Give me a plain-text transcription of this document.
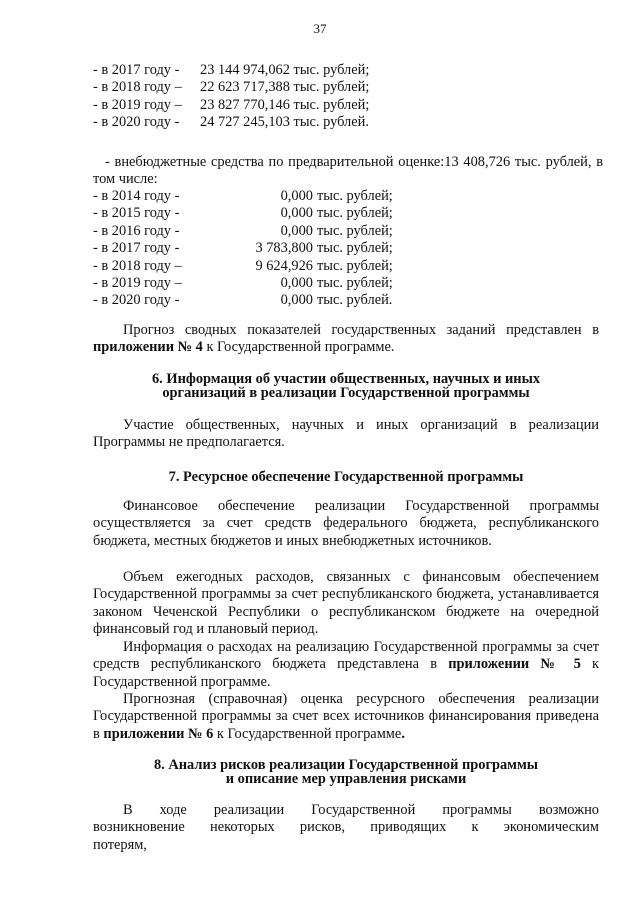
37
- в 2017 году - 23 144 974,062 тыс. рублей;
- в 2018 году – 22 623 717,388 тыс. рублей;
- в 2019 году – 23 827 770,146 тыс. рублей;
- в 2020 году - 24 727 245,103 тыс. рублей.
- внебюджетные средства по предварительной оценке:13 408,726 тыс. рублей, в том числе:
- в 2014 году -	0,000 тыс. рублей;
- в 2015 году -	0,000 тыс. рублей;
- в 2016 году -	0,000 тыс. рублей;
- в 2017 году -	3 783,800 тыс. рублей;
- в 2018 году –	9 624,926 тыс. рублей;
- в 2019 году –	0,000 тыс. рублей;
- в 2020 году -	0,000 тыс. рублей.
Прогноз сводных показателей государственных заданий представлен в приложении № 4 к Государственной программе.
6. Информация об участии общественных, научных и иных
организаций в реализации Государственной программы
Участие общественных, научных и иных организаций в реализации Программы не предполагается.
7. Ресурсное обеспечение Государственной программы
Финансовое обеспечение реализации Государственной программы осуществляется за счет средств федерального бюджета, республиканского бюджета, местных бюджетов и иных внебюджетных источников.
Объем ежегодных расходов, связанных с финансовым обеспечением Государственной программы за счет республиканского бюджета, устанавливается законом Чеченской Республики о республиканском бюджете на очередной финансовый год и плановый период.
Информация о расходах на реализацию Государственной программы за счет средств республиканского бюджета представлена в приложении № 5 к Государственной программе.
Прогнозная (справочная) оценка ресурсного обеспечения реализации Государственной программы за счет всех источников финансирования приведена в приложении № 6 к Государственной программе.
8. Анализ рисков реализации Государственной программы
и описание мер управления рисками
В ходе реализации Государственной программы возможно возникновение некоторых рисков, приводящих к экономическим потерям,
